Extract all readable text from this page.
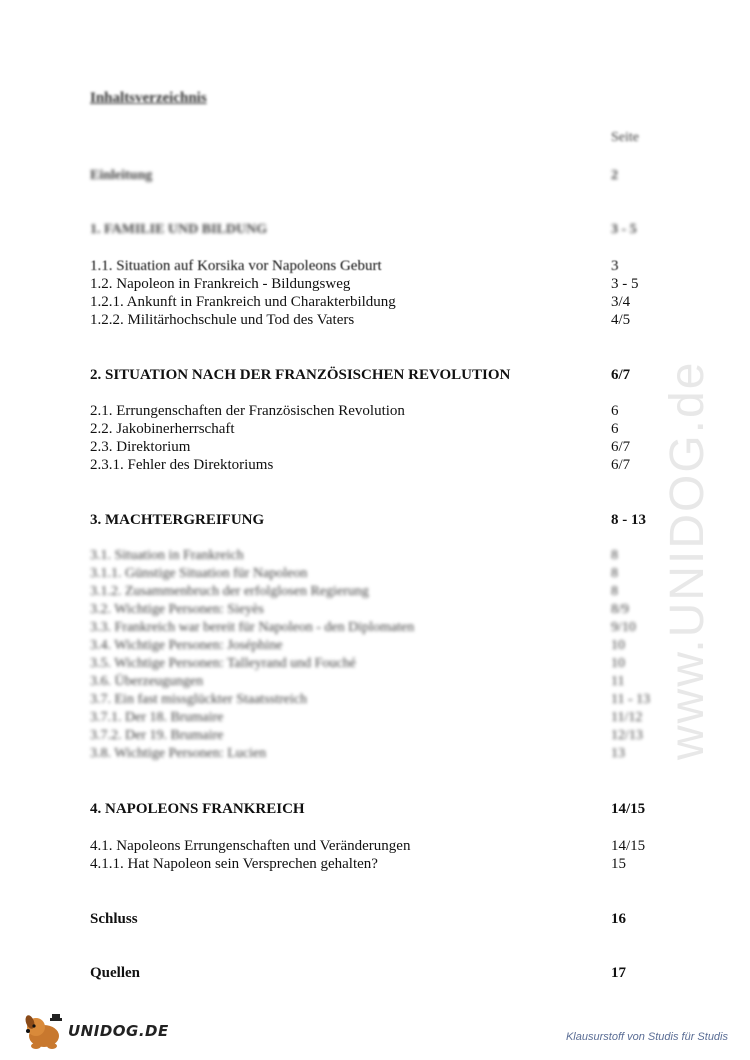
www.UNIDOG.de
Inhaltsverzeichnis
Seite
Einleitung	2
1. FAMILIE UND BILDUNG	3 - 5
1.1. Situation auf Korsika vor Napoleons Geburt	3
1.2. Napoleon in Frankreich - Bildungsweg	3 - 5
1.2.1. Ankunft in Frankreich und Charakterbildung	3/4
1.2.2. Militärhochschule und Tod des Vaters	4/5
2. SITUATION NACH DER FRANZÖSISCHEN REVOLUTION	6/7
2.1. Errungenschaften der Französischen Revolution	6
2.2. Jakobinerherrschaft	6
2.3. Direktorium	6/7
2.3.1. Fehler des Direktoriums	6/7
3. MACHTERGREIFUNG	8 - 13
3.1. Situation in Frankreich	8
3.1.1. Günstige Situation für Napoleon	8
3.1.2. Zusammenbruch der erfolglosen Regierung	8
3.2. Wichtige Personen: Sieyès	8/9
3.3. Frankreich war bereit für Napoleon - den Diplomaten	9/10
3.4. Wichtige Personen: Joséphine	10
3.5. Wichtige Personen: Talleyrand und Fouché	10
3.6. Überzeugungen	11
3.7. Ein fast missglückter Staatsstreich	11 - 13
3.7.1. Der 18. Brumaire	11/12
3.7.2. Der 19. Brumaire	12/13
3.8. Wichtige Personen: Lucien	13
4. NAPOLEONS FRANKREICH	14/15
4.1. Napoleons Errungenschaften und Veränderungen	14/15
4.1.1. Hat Napoleon sein Versprechen gehalten?	15
Schluss	16
Quellen	17
UNIDOG.DE	Klausurstoff von Studis für Studis
